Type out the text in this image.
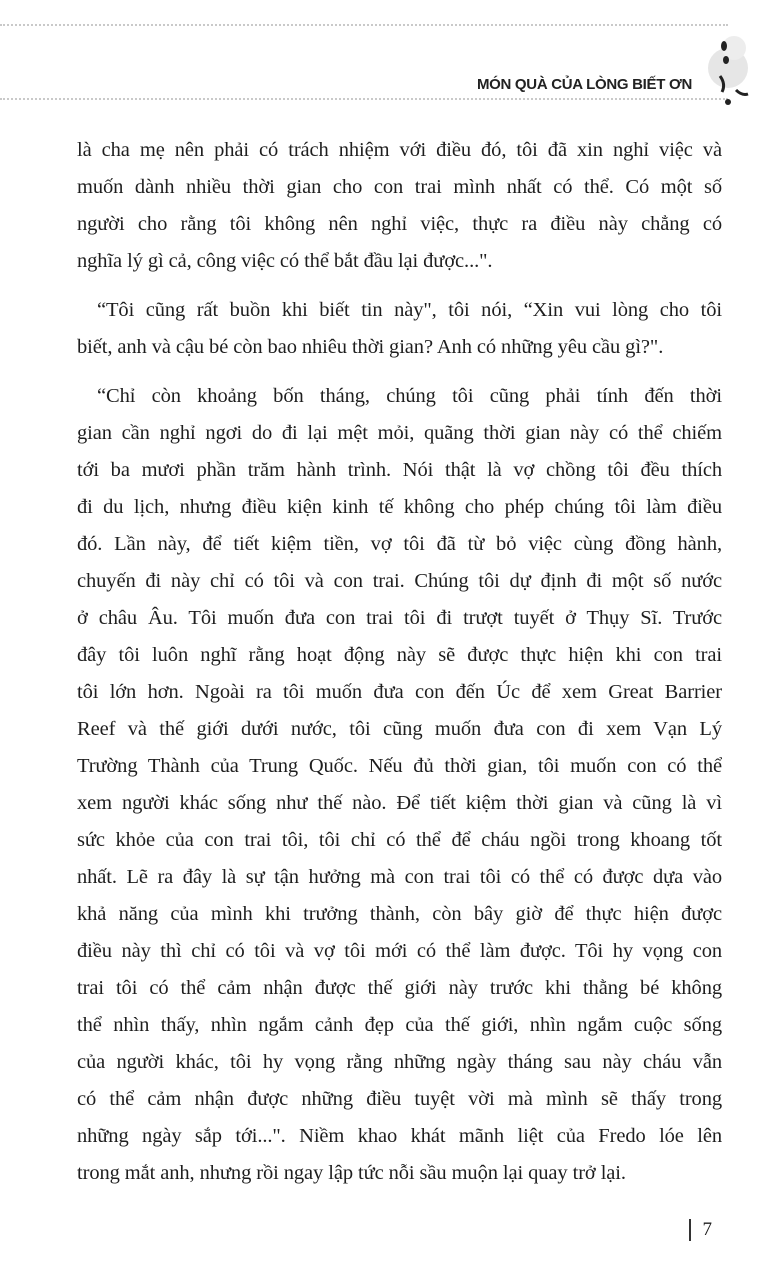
MÓN QUÀ CỦA LÒNG BIẾT ƠN
là cha mẹ nên phải có trách nhiệm với điều đó, tôi đã xin nghỉ việc và
muốn dành nhiều thời gian cho con trai mình nhất có thể. Có một số
người cho rằng tôi không nên nghỉ việc, thực ra điều này chẳng có
nghĩa lý gì cả, công việc có thể bắt đầu lại được...".
“Tôi cũng rất buồn khi biết tin này", tôi nói, “Xin vui lòng cho tôi
biết, anh và cậu bé còn bao nhiêu thời gian? Anh có những yêu cầu gì?".
“Chỉ còn khoảng bốn tháng, chúng tôi cũng phải tính đến thời
gian cần nghỉ ngơi do đi lại mệt mỏi, quãng thời gian này có thể chiếm
tới ba mươi phần trăm hành trình. Nói thật là vợ chồng tôi đều thích
đi du lịch, nhưng điều kiện kinh tế không cho phép chúng tôi làm điều
đó. Lần này, để tiết kiệm tiền, vợ tôi đã từ bỏ việc cùng đồng hành,
chuyến đi này chỉ có tôi và con trai. Chúng tôi dự định đi một số nước
ở châu Âu. Tôi muốn đưa con trai tôi đi trượt tuyết ở Thụy Sĩ. Trước
đây tôi luôn nghĩ rằng hoạt động này sẽ được thực hiện khi con trai
tôi lớn hơn. Ngoài ra tôi muốn đưa con đến Úc để xem Great Barrier
Reef và thế giới dưới nước, tôi cũng muốn đưa con đi xem Vạn Lý
Trường Thành của Trung Quốc. Nếu đủ thời gian, tôi muốn con có thể
xem người khác sống như thế nào. Để tiết kiệm thời gian và cũng là vì
sức khỏe của con trai tôi, tôi chỉ có thể để cháu ngồi trong khoang tốt
nhất. Lẽ ra đây là sự tận hưởng mà con trai tôi có thể có được dựa vào
khả năng của mình khi trưởng thành, còn bây giờ để thực hiện được
điều này thì chỉ có tôi và vợ tôi mới có thể làm được. Tôi hy vọng con
trai tôi có thể cảm nhận được thế giới này trước khi thằng bé không
thể nhìn thấy, nhìn ngắm cảnh đẹp của thế giới, nhìn ngắm cuộc sống
của người khác, tôi hy vọng rằng những ngày tháng sau này cháu vẫn
có thể cảm nhận được những điều tuyệt vời mà mình sẽ thấy trong
những ngày sắp tới...". Niềm khao khát mãnh liệt của Fredo lóe lên
trong mắt anh, nhưng rồi ngay lập tức nỗi sầu muộn lại quay trở lại.
7
